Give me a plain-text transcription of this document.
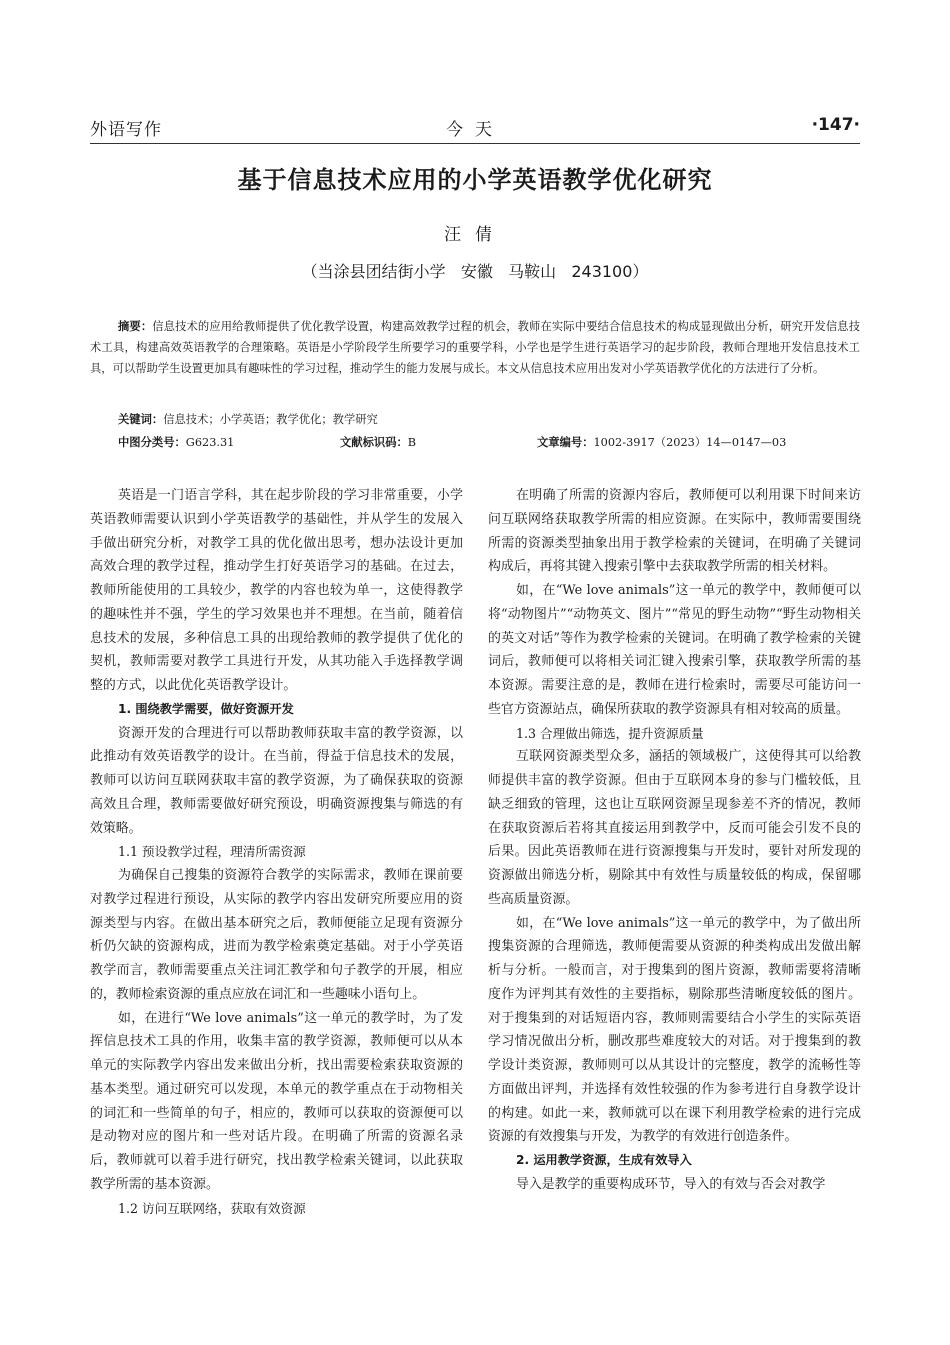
外语写作	今天	·147·
基于信息技术应用的小学英语教学优化研究
汪倩
（当涂县团结街小学   安徽   马鞍山   243100）
摘要：信息技术的应用给教师提供了优化教学设置，构建高效教学过程的机会，教师在实际中要结合信息技术的构成显现做出分析，研究开发信息技术工具，构建高效英语教学的合理策略。英语是小学阶段学生所要学习的重要学科，小学也是学生进行英语学习的起步阶段，教师合理地开发信息技术工具，可以帮助学生设置更加具有趣味性的学习过程，推动学生的能力发展与成长。本文从信息技术应用出发对小学英语教学优化的方法进行了分析。
关键词：信息技术；小学英语；教学优化；教学研究
中图分类号：G623.31	文献标识码：B	文章编号：1002-3917（2023）14—0147—03

英语是一门语言学科，其在起步阶段的学习非常重要，小学英语教师需要认识到小学英语教学的基础性，并从学生的发展入手做出研究分析，对教学工具的优化做出思考，想办法设计更加高效合理的教学过程，推动学生打好英语学习的基础。在过去，教师所能使用的工具较少，教学的内容也较为单一，这使得教学的趣味性并不强，学生的学习效果也并不理想。在当前，随着信息技术的发展，多种信息工具的出现给教师的教学提供了优化的契机，教师需要对教学工具进行开发，从其功能入手选择教学调整的方式，以此优化英语教学设计。

1. 围绕教学需要，做好资源开发

资源开发的合理进行可以帮助教师获取丰富的教学资源，以此推动有效英语教学的设计。在当前，得益于信息技术的发展，教师可以访问互联网获取丰富的教学资源，为了确保获取的资源高效且合理，教师需要做好研究预设，明确资源搜集与筛选的有效策略。

1.1 预设教学过程，理清所需资源

为确保自己搜集的资源符合教学的实际需求，教师在课前要对教学过程进行预设，从实际的教学内容出发研究所要应用的资源类型与内容。在做出基本研究之后，教师便能立足现有资源分析仍欠缺的资源构成，进而为教学检索奠定基础。对于小学英语教学而言，教师需要重点关注词汇教学和句子教学的开展，相应的，教师检索资源的重点应放在词汇和一些趣味小语句上。

如，在进行“We love animals”这一单元的教学时，为了发挥信息技术工具的作用，收集丰富的教学资源，教师便可以从本单元的实际教学内容出发来做出分析，找出需要检索获取资源的基本类型。通过研究可以发现，本单元的教学重点在于动物相关的词汇和一些简单的句子，相应的，教师可以获取的资源便可以是动物对应的图片和一些对话片段。在明确了所需的资源名录后，教师就可以着手进行研究，找出教学检索关键词，以此获取教学所需的基本资源。

1.2 访问互联网络，获取有效资源

在明确了所需的资源内容后，教师便可以利用课下时间来访问互联网络获取教学所需的相应资源。在实际中，教师需要围绕所需的资源类型抽象出用于教学检索的关键词，在明确了关键词构成后，再将其键入搜索引擎中去获取教学所需的相关材料。

如，在“We love animals”这一单元的教学中，教师便可以将“动物图片”“动物英文、图片”“常见的野生动物”“野生动物相关的英文对话”等作为教学检索的关键词。在明确了教学检索的关键词后，教师便可以将相关词汇键入搜索引擎，获取教学所需的基本资源。需要注意的是，教师在进行检索时，需要尽可能访问一些官方资源站点，确保所获取的教学资源具有相对较高的质量。

1.3 合理做出筛选，提升资源质量

互联网资源类型众多，涵括的领域极广，这使得其可以给教师提供丰富的教学资源。但由于互联网本身的参与门槛较低，且缺乏细致的管理，这也让互联网资源呈现参差不齐的情况，教师在获取资源后若将其直接运用到教学中，反而可能会引发不良的后果。因此英语教师在进行资源搜集与开发时，要针对所发现的资源做出筛选分析，剔除其中有效性与质量较低的构成，保留哪些高质量资源。

如，在“We love animals”这一单元的教学中，为了做出所搜集资源的合理筛选，教师便需要从资源的种类构成出发做出解析与分析。一般而言，对于搜集到的图片资源，教师需要将清晰度作为评判其有效性的主要指标，剔除那些清晰度较低的图片。对于搜集到的对话短语内容，教师则需要结合小学生的实际英语学习情况做出分析，删改那些难度较大的对话。对于搜集到的教学设计类资源，教师则可以从其设计的完整度，教学的流畅性等方面做出评判，并选择有效性较强的作为参考进行自身教学设计的构建。如此一来，教师就可以在课下利用教学检索的进行完成资源的有效搜集与开发，为教学的有效进行创造条件。

2. 运用教学资源，生成有效导入

导入是教学的重要构成环节，导入的有效与否会对教学
